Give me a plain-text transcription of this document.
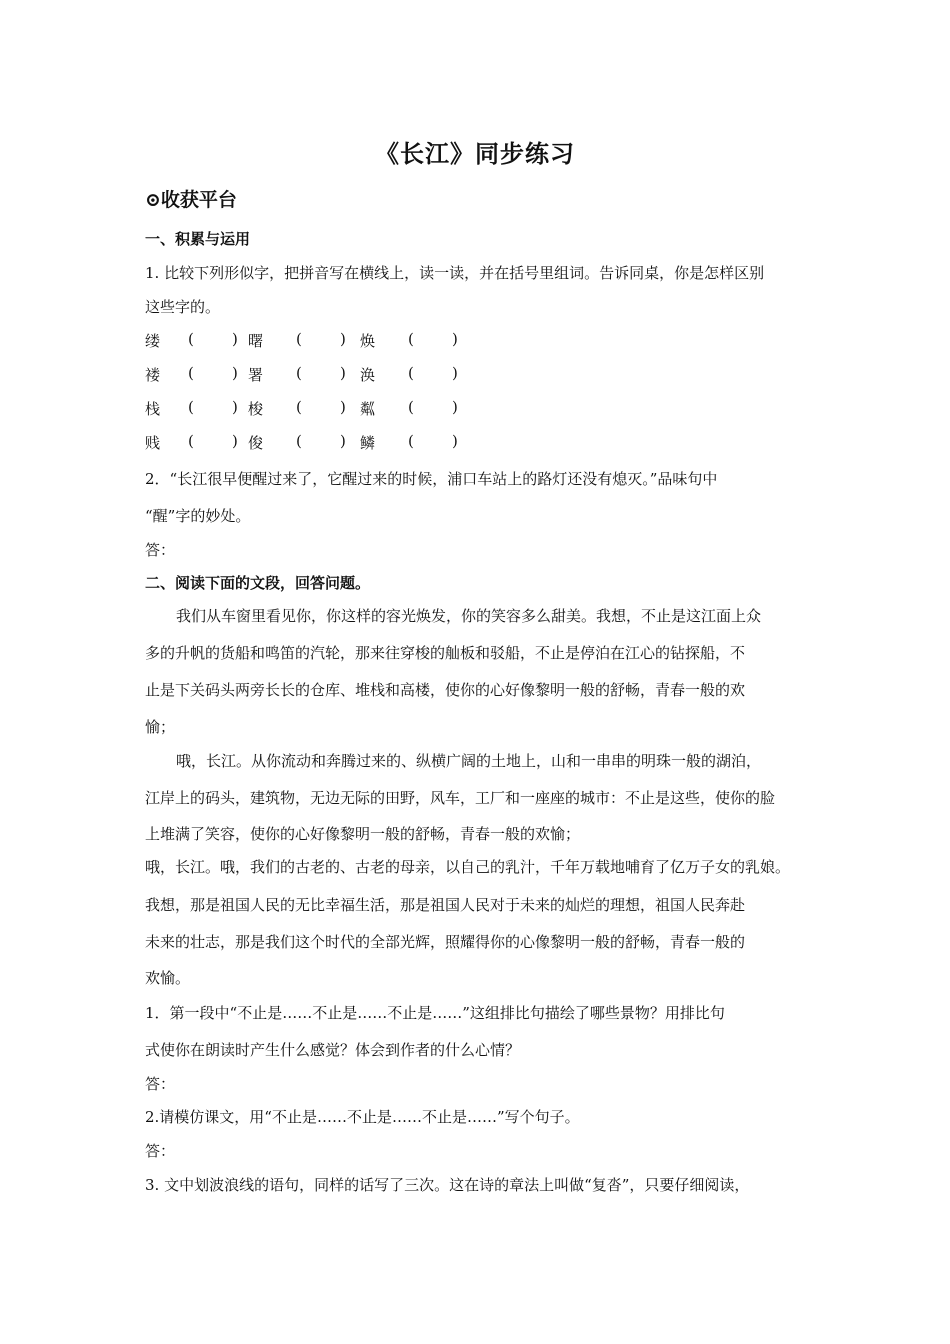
《长江》同步练习
⊙收获平台
一、积累与运用
1. 比较下列形似字，把拼音写在横线上，读一读，并在括号里组词。告诉同桌，你是怎样区别
这些字的。
缕 (        ) 曙 (        ) 焕 (        )
褛 (        ) 署 (        ) 涣 (        )
栈 (        ) 梭 (        ) 粼 (        )
贱 (        ) 俊 (        ) 鳞 (        )
2．“长江很早便醒过来了，它醒过来的时候，浦口车站上的路灯还没有熄灭。”品味句中
“醒”字的妙处。
答：
二、阅读下面的文段，回答问题。
我们从车窗里看见你，你这样的容光焕发，你的笑容多么甜美。我想，不止是这江面上众
多的升帆的货船和鸣笛的汽轮，那来往穿梭的舢板和驳船，不止是停泊在江心的钻探船，不
止是下关码头两旁长长的仓库、堆栈和高楼，使你的心好像黎明一般的舒畅，青春一般的欢
愉；
哦，长江。从你流动和奔腾过来的、纵横广阔的土地上，山和一串串的明珠一般的湖泊，
江岸上的码头，建筑物，无边无际的田野，风车，工厂和一座座的城市：不止是这些，使你的脸
上堆满了笑容，使你的心好像黎明一般的舒畅，青春一般的欢愉；
哦，长江。哦，我们的古老的、古老的母亲，以自己的乳汁，千年万载地哺育了亿万子女的乳娘。
我想，那是祖国人民的无比幸福生活，那是祖国人民对于未来的灿烂的理想，祖国人民奔赴
未来的壮志，那是我们这个时代的全部光辉，照耀得你的心像黎明一般的舒畅，青春一般的
欢愉。
1．第一段中“不止是……不止是……不止是……”这组排比句描绘了哪些景物？用排比句
式使你在朗读时产生什么感觉？体会到作者的什么心情？
答：
2.请模仿课文，用“不止是……不止是……不止是……”写个句子。
答：
3. 文中划波浪线的语句，同样的话写了三次。这在诗的章法上叫做“复沓”，只要仔细阅读，
